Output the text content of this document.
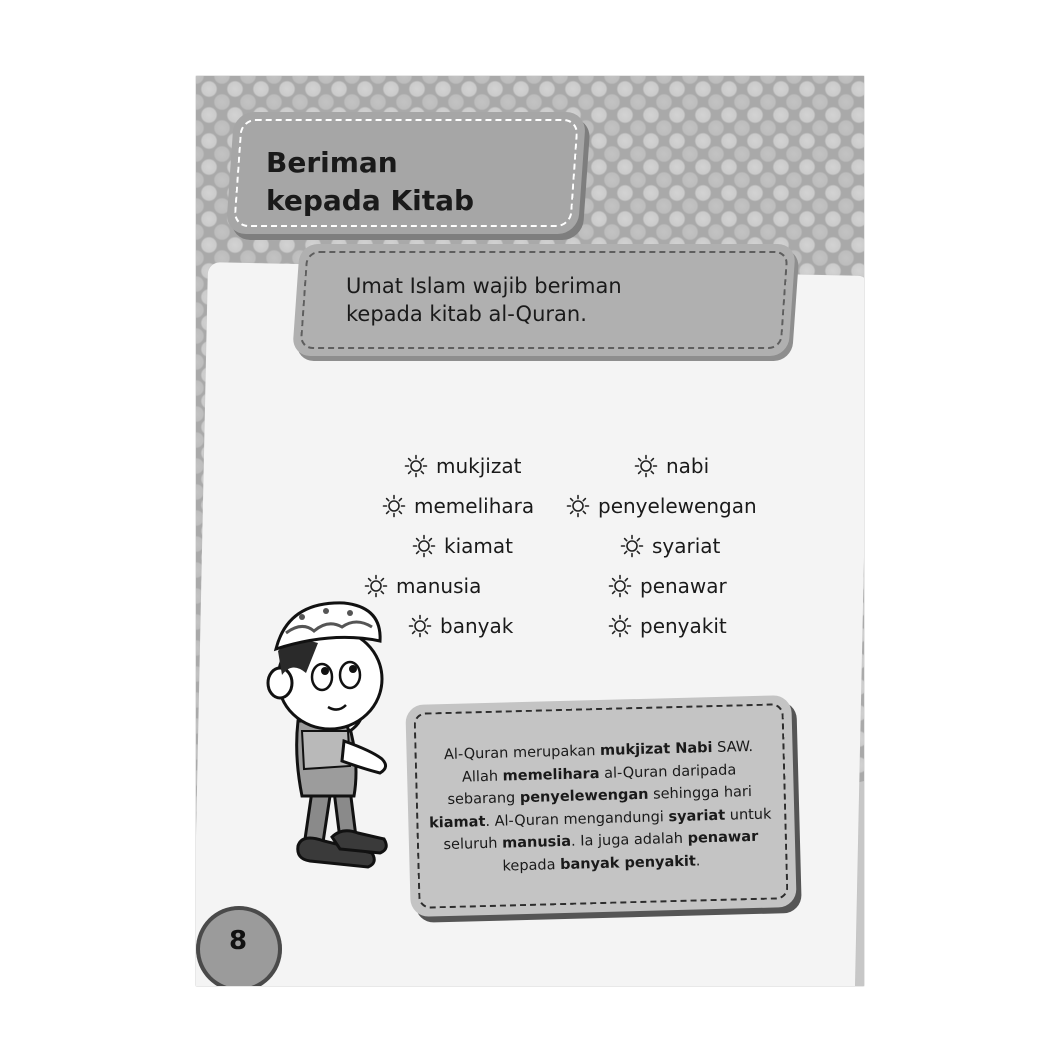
Beriman
kepada Kitab

Umat Islam wajib beriman
kepada kitab al-Quran.

mukjizat
memelihara
kiamat
manusia
banyak
nabi
penyelewengan
syariat
penawar
penyakit

Al-Quran merupakan mukjizat Nabi SAW. Allah memelihara al-Quran daripada sebarang penyelewengan sehingga hari kiamat. Al-Quran mengandungi syariat untuk seluruh manusia. Ia juga adalah penawar kepada banyak penyakit.

8
